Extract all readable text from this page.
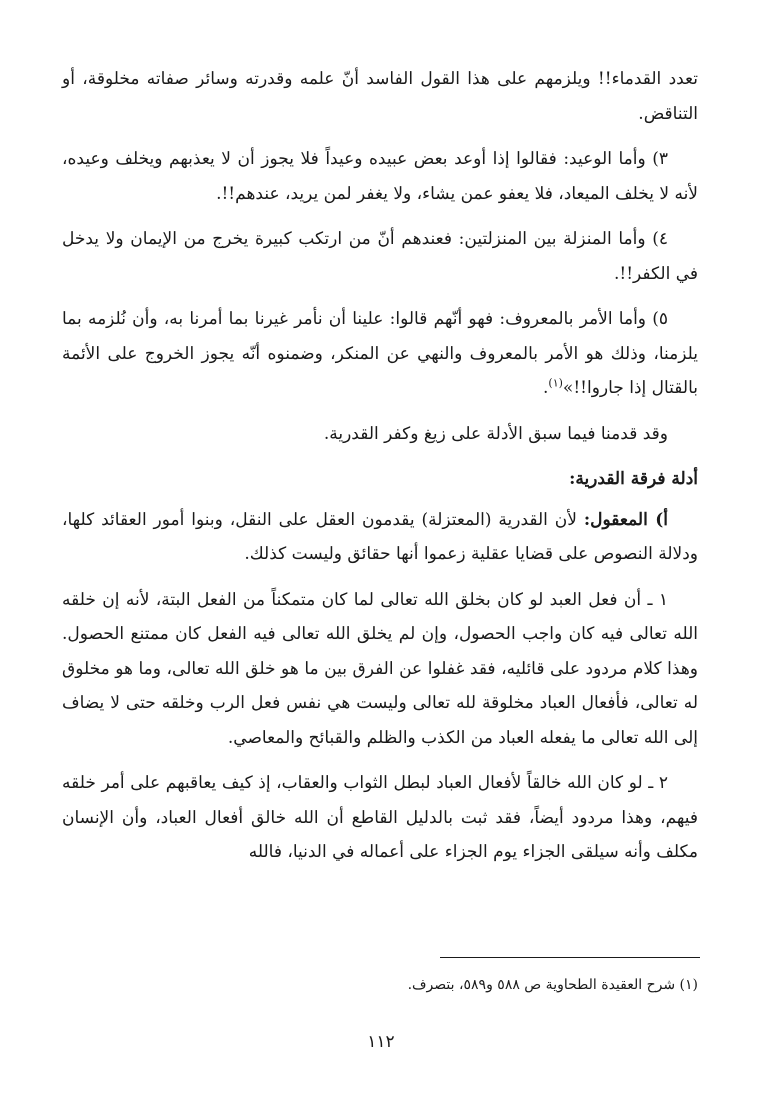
تعدد القدماء!! ويلزمهم على هذا القول الفاسد أنّ علمه وقدرته وسائر صفاته مخلوقة، أو التناقض.

٣) وأما الوعيد: فقالوا إذا أوعد بعض عبيده وعيداً فلا يجوز أن لا يعذبهم ويخلف وعيده، لأنه لا يخلف الميعاد، فلا يعفو عمن يشاء، ولا يغفر لمن يريد، عندهم!!.

٤) وأما المنزلة بين المنزلتين: فعندهم أنّ من ارتكب كبيرة يخرج من الإيمان ولا يدخل في الكفر!!.

٥) وأما الأمر بالمعروف: فهو أنّهم قالوا: علينا أن نأمر غيرنا بما أمرنا به، وأن نُلزمه بما يلزمنا، وذلك هو الأمر بالمعروف والنهي عن المنكر، وضمنوه أنّه يجوز الخروج على الأئمة بالقتال إذا جاروا!!»$^{(١)}$.

وقد قدمنا فيما سبق الأدلة على زيغ وكفر القدرية.

أدلة فرقة القدرية:

أ) المعقول: لأن القدرية (المعتزلة) يقدمون العقل على النقل، وبنوا أمور العقائد كلها، ودلالة النصوص على قضايا عقلية زعموا أنها حقائق وليست كذلك.

١ ـ أن فعل العبد لو كان بخلق الله تعالى لما كان متمكناً من الفعل البتة، لأنه إن خلقه الله تعالى فيه كان واجب الحصول، وإن لم يخلق الله تعالى فيه الفعل كان ممتنع الحصول. وهذا كلام مردود على قائليه، فقد غفلوا عن الفرق بين ما هو خلق الله تعالى، وما هو مخلوق له تعالى، فأفعال العباد مخلوقة لله تعالى وليست هي نفس فعل الرب وخلقه حتى لا يضاف إلى الله تعالى ما يفعله العباد من الكذب والظلم والقبائح والمعاصي.

٢ ـ لو كان الله خالقاً لأفعال العباد لبطل الثواب والعقاب، إذ كيف يعاقبهم على أمر خلقه فيهم، وهذا مردود أيضاً، فقد ثبت بالدليل القاطع أن الله خالق أفعال العباد، وأن الإنسان مكلف وأنه سيلقى الجزاء يوم الجزاء على أعماله في الدنيا، فالله

(١) شرح العقيدة الطحاوية ص ٥٨٨ و٥٨٩، بتصرف.

١١٢
